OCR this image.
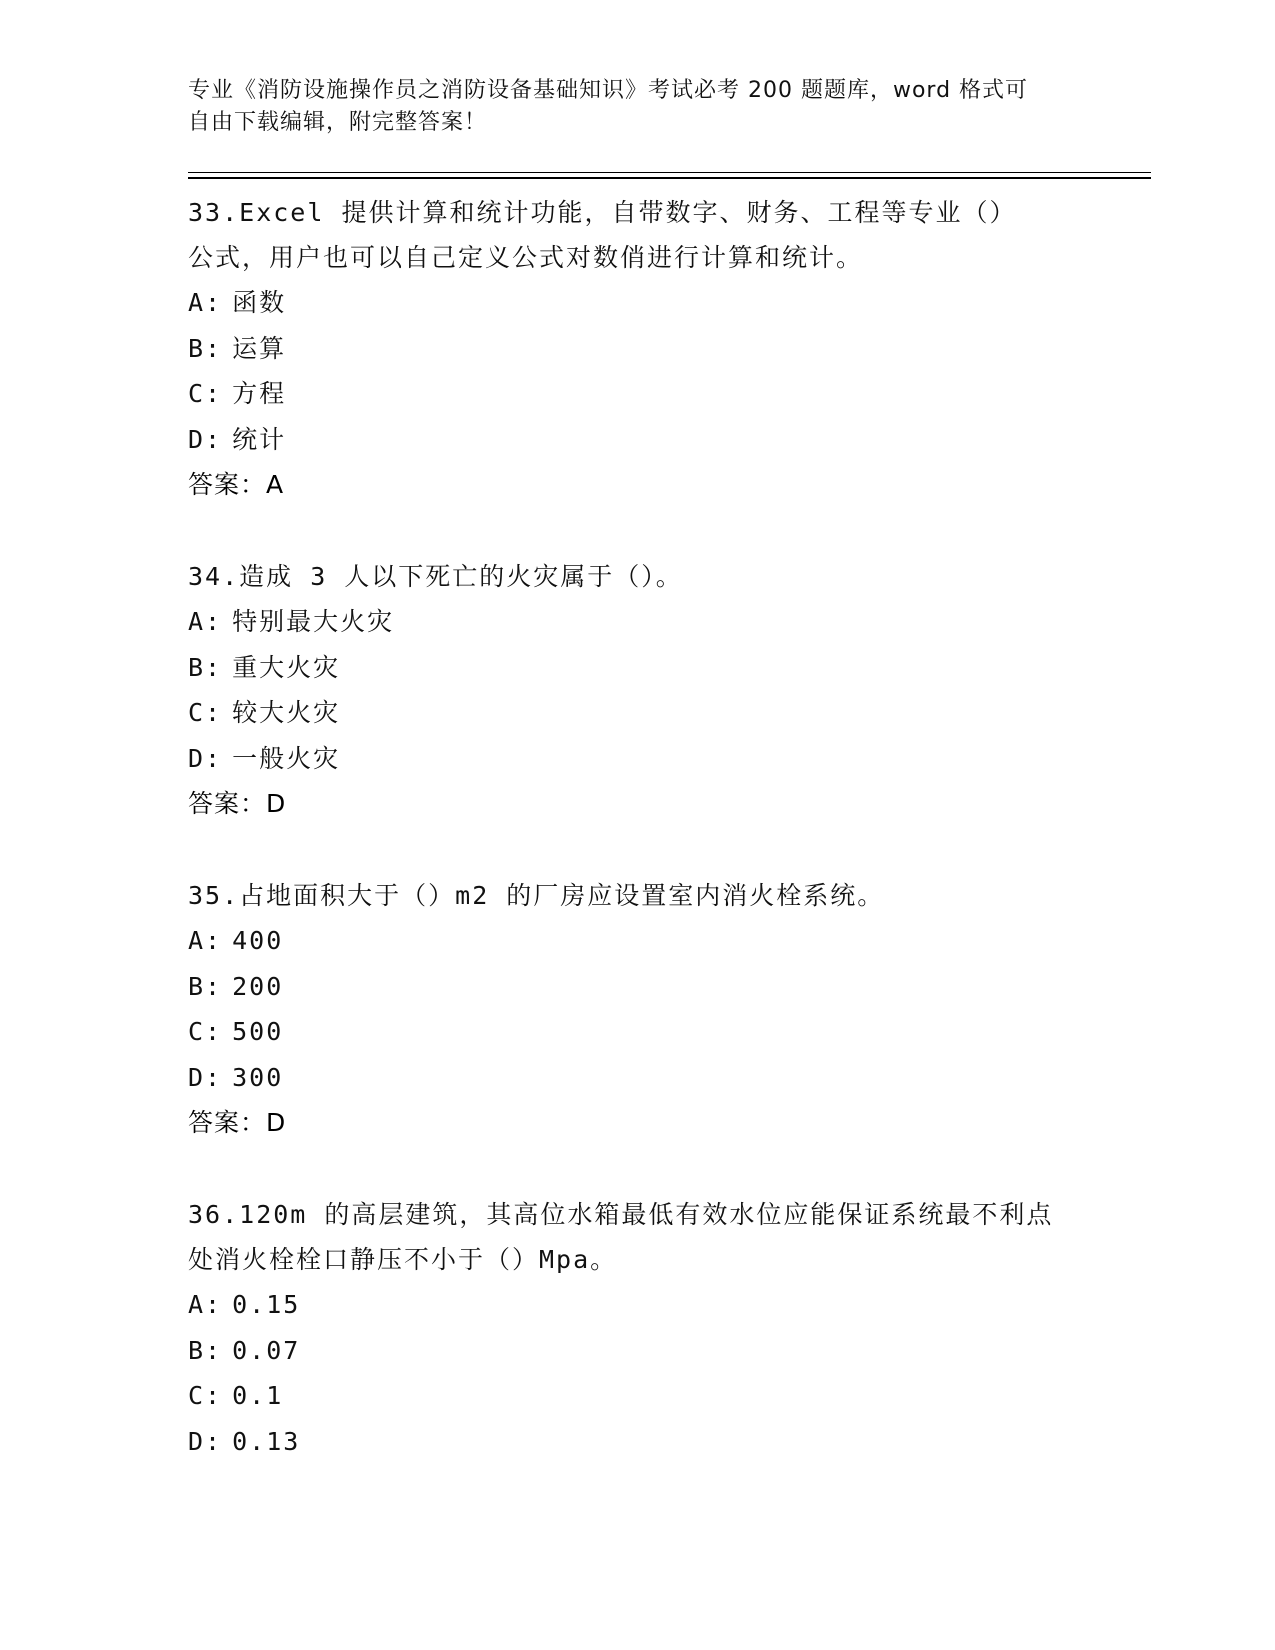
专业《消防设施操作员之消防设备基础知识》考试必考 200 题题库，word 格式可
自由下载编辑，附完整答案！

33.Excel 提供计算和统计功能，自带数字、财务、工程等专业（）公式，用户也可以自己定义公式对数俏进行计算和统计。

A: 函数
B: 运算
C: 方程
D: 统计

答案：A

34.造成 3 人以下死亡的火灾属于（）。

A: 特别最大火灾
B: 重大火灾
C: 较大火灾
D: 一般火灾

答案：D

35.占地面积大于（）m2 的厂房应设置室内消火栓系统。

A: 400
B: 200
C: 500
D: 300

答案：D

36.120m 的高层建筑，其高位水箱最低有效水位应能保证系统最不利点处消火栓栓口静压不小于（）Mpa。

A: 0.15
B: 0.07
C: 0.1
D: 0.13
